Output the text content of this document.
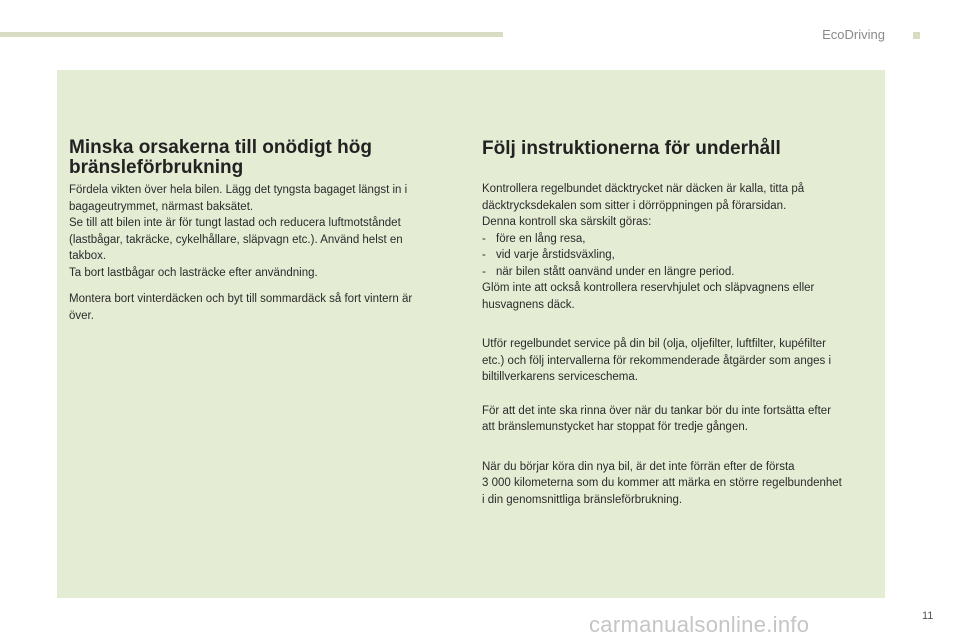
EcoDriving
Minska orsakerna till onödigt hög
bränsleförbrukning

Fördela vikten över hela bilen. Lägg det tyngsta bagaget längst in i
bagageutrymmet, närmast baksätet.
Se till att bilen inte är för tungt lastad och reducera luftmotståndet
(lastbågar, takräcke, cykelhållare, släpvagn etc.). Använd helst en
takbox.
Ta bort lastbågar och lasträcke efter användning.

Montera bort vinterdäcken och byt till sommardäck så fort vintern är
över.

Följ instruktionerna för underhåll

Kontrollera regelbundet däcktrycket när däcken är kalla, titta på
däcktrycksdekalen som sitter i dörröppningen på förarsidan.
Denna kontroll ska särskilt göras:

- före en lång resa,
- vid varje årstidsväxling,
- när bilen stått oanvänd under en längre period.

Glöm inte att också kontrollera reservhjulet och släpvagnens eller
husvagnens däck.

Utför regelbundet service på din bil (olja, oljefilter, luftfilter, kupéfilter
etc.) och följ intervallerna för rekommenderade åtgärder som anges i
biltillverkarens serviceschema.

För att det inte ska rinna över när du tankar bör du inte fortsätta efter
att bränslemunstycket har stoppat för tredje gången.

När du börjar köra din nya bil, är det inte förrän efter de första
3 000 kilometerna som du kommer att märka en större regelbundenhet
i din genomsnittliga bränsleförbrukning.

11
carmanualsonline.info
